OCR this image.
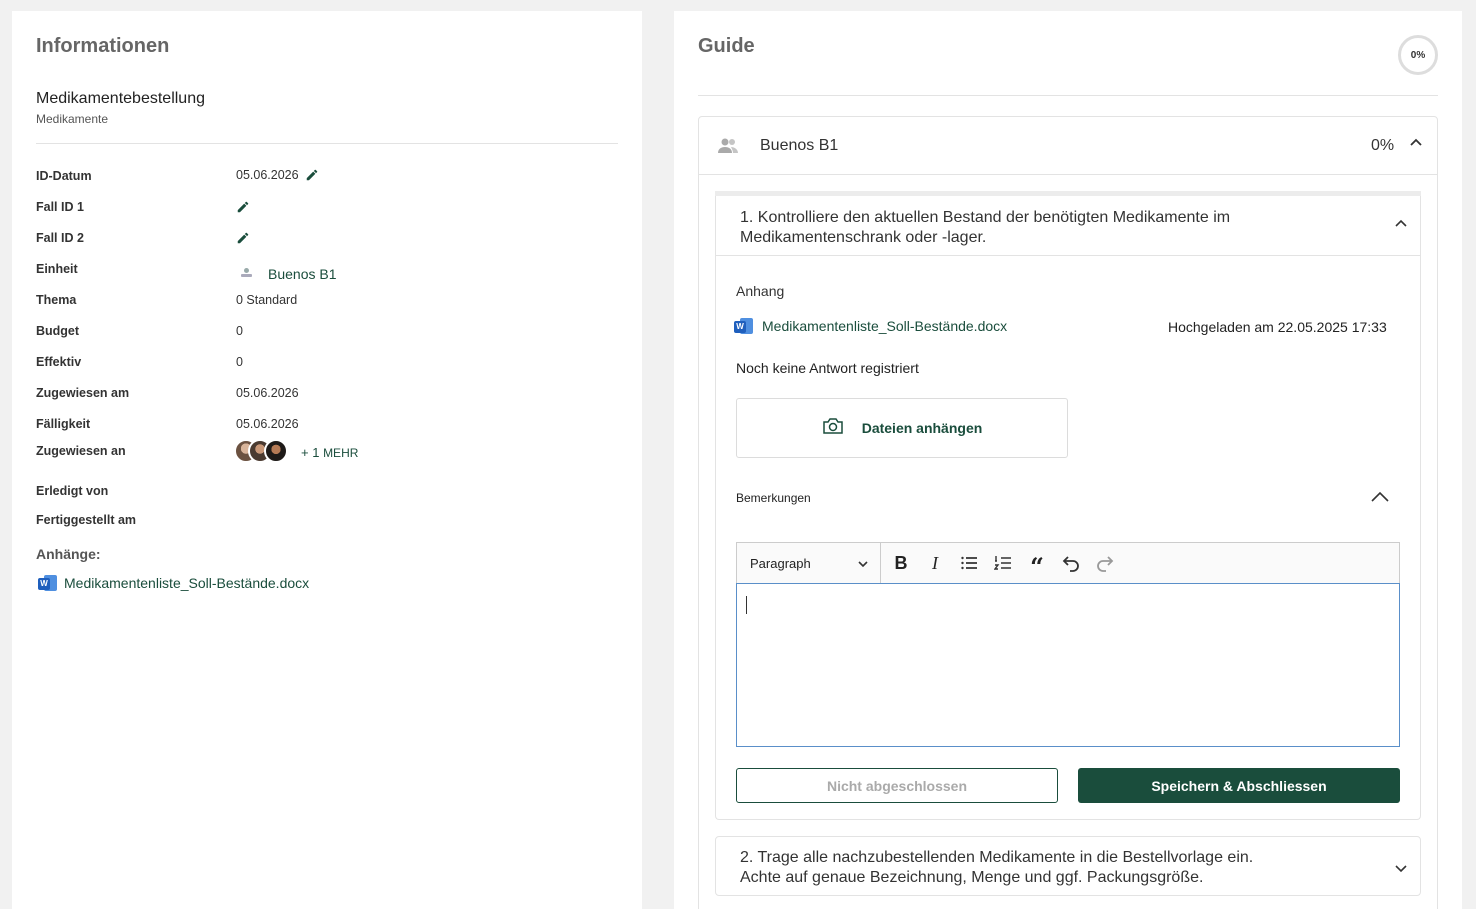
Informationen
Medikamentebestellung
Medikamente
ID-Datum	05.06.2026
Fall ID 1
Fall ID 2
Einheit	Buenos B1
Thema	0 Standard
Budget	0
Effektiv	0
Zugewiesen am	05.06.2026
Fälligkeit	05.06.2026
Zugewiesen an	+ 1 MEHR
Erledigt von
Fertiggestellt am
Anhänge:
W Medikamentenliste_Soll-Bestände.docx
Guide	0%
Buenos B1	0%
1. Kontrolliere den aktuellen Bestand der benötigten Medikamente im
Medikamentenschrank oder -lager.
Anhang
W Medikamentenliste_Soll-Bestände.docx	Hochgeladen am 22.05.2025 17:33
Noch keine Antwort registriert
Dateien anhängen
Bemerkungen
Paragraph	B I	“
Nicht abgeschlossen	Speichern & Abschliessen
2. Trage alle nachzubestellenden Medikamente in die Bestellvorlage ein.
Achte auf genaue Bezeichnung, Menge und ggf. Packungsgröße.
